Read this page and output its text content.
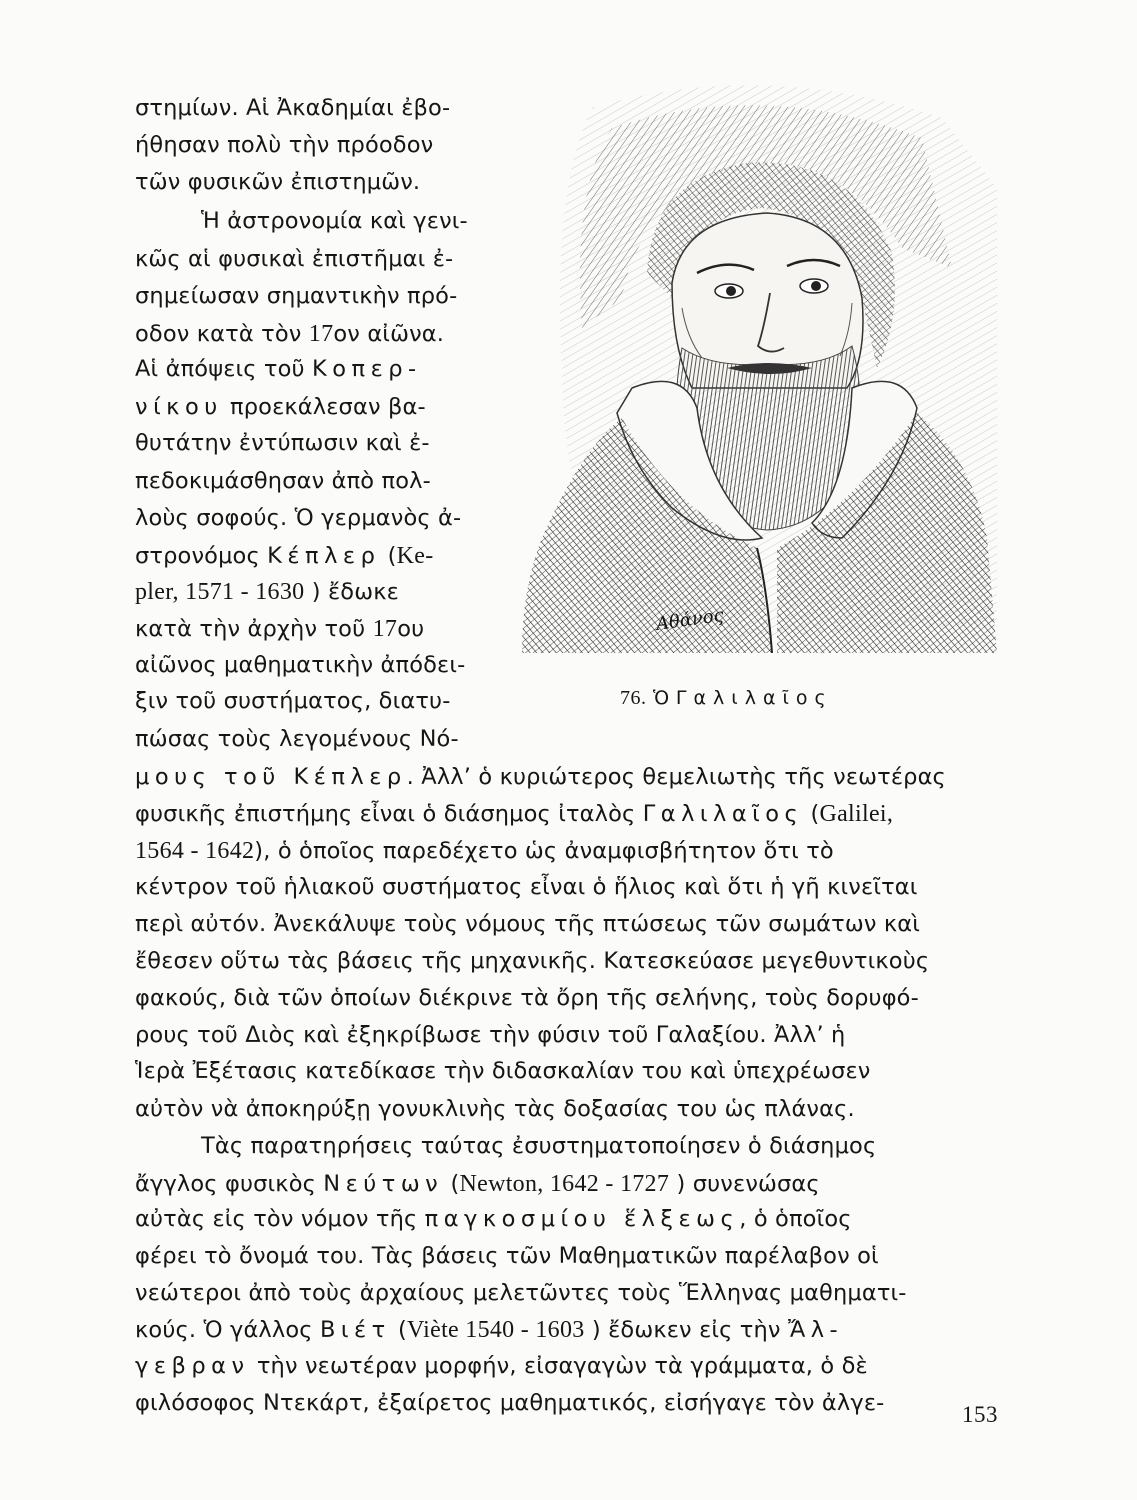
στημίων. Αἱ Ἀκαδημίαι ἐβο-
ήθησαν πολὺ τὴν πρόοδον
τῶν φυσικῶν ἐπιστημῶν.
Ἡ ἀστρονομία καὶ γενι-
κῶς αἱ φυσικαὶ ἐπιστῆμαι ἐ-
σημείωσαν σημαντικὴν πρό-
οδον κατὰ τὸν 17ον αἰῶνα.
Αἱ ἀπόψεις τοῦ Κοπερ-
νίκου προεκάλεσαν βα-
θυτάτην ἐντύπωσιν καὶ ἐ-
πεδοκιμάσθησαν ἀπὸ πολ-
λοὺς σοφούς. Ὁ γερμανὸς ἀ-
στρονόμος Κέπλερ (Ke-
pler, 1571 - 1630 ) ἔδωκε
κατὰ τὴν ἀρχὴν τοῦ 17ου
αἰῶνος μαθηματικὴν ἀπόδει-
ξιν τοῦ συστήματος, διατυ-
πώσας τοὺς λεγομένους Νό-
μους τοῦ Κέπλερ. Ἀλλ’ ὁ κυριώτερος θεμελιωτὴς τῆς νεωτέρας
φυσικῆς ἐπιστήμης εἶναι ὁ διάσημος ἰταλὸς Γαλιλαῖος (Galilei,
1564 - 1642), ὁ ὁποῖος παρεδέχετο ὡς ἀναμφισβήτητον ὅτι τὸ
κέντρον τοῦ ἡλιακοῦ συστήματος εἶναι ὁ ἥλιος καὶ ὅτι ἡ γῆ κινεῖται
περὶ αὐτόν. Ἀνεκάλυψε τοὺς νόμους τῆς πτώσεως τῶν σωμάτων καὶ
ἔθεσεν οὕτω τὰς βάσεις τῆς μηχανικῆς. Κατεσκεύασε μεγεθυντικοὺς
φακούς, διὰ τῶν ὁποίων διέκρινε τὰ ὄρη τῆς σελήνης, τοὺς δορυφό-
ρους τοῦ Διὸς καὶ ἐξηκρίβωσε τὴν φύσιν τοῦ Γαλαξίου. Ἀλλ’ ἡ
Ἱερὰ Ἐξέτασις κατεδίκασε τὴν διδασκαλίαν του καὶ ὑπεχρέωσεν
αὐτὸν νὰ ἀποκηρύξῃ γονυκλινὴς τὰς δοξασίας του ὡς πλάνας.
Τὰς παρατηρήσεις ταύτας ἐσυστηματοποίησεν ὁ διάσημος
ἄγγλος φυσικὸς Νεύτων (Newton, 1642 - 1727 ) συνενώσας
αὐτὰς εἰς τὸν νόμον τῆς παγκοσμίου ἕλξεως, ὁ ὁποῖος
φέρει τὸ ὄνομά του. Τὰς βάσεις τῶν Μαθηματικῶν παρέλαβον οἱ
νεώτεροι ἀπὸ τοὺς ἀρχαίους μελετῶντες τοὺς Ἕλληνας μαθηματι-
κούς. Ὁ γάλλος Βιέτ (Viète 1540 - 1603 ) ἔδωκεν εἰς τὴν Ἄλ-
γεβραν τὴν νεωτέραν μορφήν, εἰσαγαγὼν τὰ γράμματα, ὁ δὲ
φιλόσοφος Ντεκάρτ, ἐξαίρετος μαθηματικός, εἰσήγαγε τὸν ἀλγε-
Αθάνος
76. Ὁ Γαλιλαῖος
153
